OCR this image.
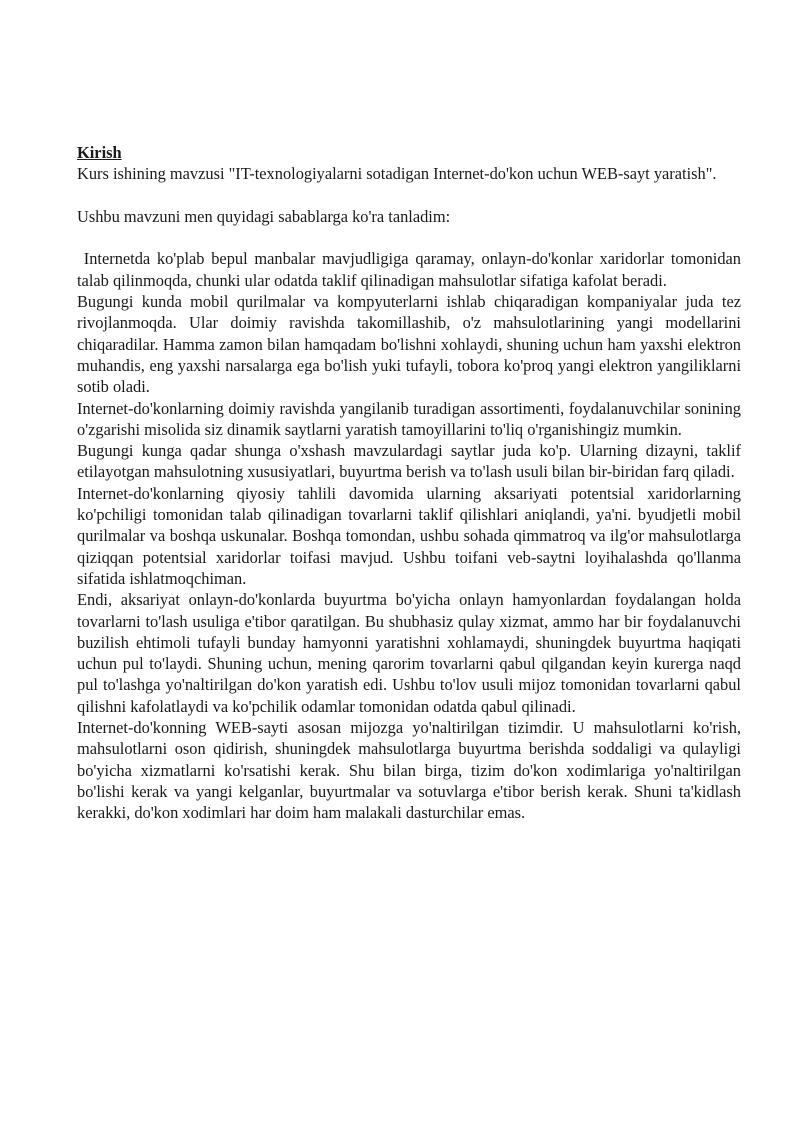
Kirish

Kurs ishining mavzusi "IT-texnologiyalarni sotadigan Internet-do'kon uchun WEB-sayt yaratish".

Ushbu mavzuni men quyidagi sabablarga ko'ra tanladim:

Internetda ko'plab bepul manbalar mavjudligiga qaramay, onlayn-do'konlar xaridorlar tomonidan talab qilinmoqda, chunki ular odatda taklif qilinadigan mahsulotlar sifatiga kafolat beradi.

Bugungi kunda mobil qurilmalar va kompyuterlarni ishlab chiqaradigan kompaniyalar juda tez rivojlanmoqda. Ular doimiy ravishda takomillashib, o'z mahsulotlarining yangi modellarini chiqaradilar. Hamma zamon bilan hamqadam bo'lishni xohlaydi, shuning uchun ham yaxshi elektron muhandis, eng yaxshi narsalarga ega bo'lish yuki tufayli, tobora ko'proq yangi elektron yangiliklarni sotib oladi.

Internet-do'konlarning doimiy ravishda yangilanib turadigan assortimenti, foydalanuvchilar sonining o'zgarishi misolida siz dinamik saytlarni yaratish tamoyillarini to'liq o'rganishingiz mumkin.

Bugungi kunga qadar shunga o'xshash mavzulardagi saytlar juda ko'p. Ularning dizayni, taklif etilayotgan mahsulotning xususiyatlari, buyurtma berish va to'lash usuli bilan bir-biridan farq qiladi.

Internet-do'konlarning qiyosiy tahlili davomida ularning aksariyati potentsial xaridorlarning ko'pchiligi tomonidan talab qilinadigan tovarlarni taklif qilishlari aniqlandi, ya'ni. byudjetli mobil qurilmalar va boshqa uskunalar. Boshqa tomondan, ushbu sohada qimmatroq va ilg'or mahsulotlarga qiziqqan potentsial xaridorlar toifasi mavjud. Ushbu toifani veb-saytni loyihalashda qo'llanma sifatida ishlatmoqchiman.

Endi, aksariyat onlayn-do'konlarda buyurtma bo'yicha onlayn hamyonlardan foydalangan holda tovarlarni to'lash usuliga e'tibor qaratilgan. Bu shubhasiz qulay xizmat, ammo har bir foydalanuvchi buzilish ehtimoli tufayli bunday hamyonni yaratishni xohlamaydi, shuningdek buyurtma haqiqati uchun pul to'laydi. Shuning uchun, mening qarorim tovarlarni qabul qilgandan keyin kurerga naqd pul to'lashga yo'naltirilgan do'kon yaratish edi. Ushbu to'lov usuli mijoz tomonidan tovarlarni qabul qilishni kafolatlaydi va ko'pchilik odamlar tomonidan odatda qabul qilinadi.

Internet-do'konning WEB-sayti asosan mijozga yo'naltirilgan tizimdir. U mahsulotlarni ko'rish, mahsulotlarni oson qidirish, shuningdek mahsulotlarga buyurtma berishda soddaligi va qulayligi bo'yicha xizmatlarni ko'rsatishi kerak. Shu bilan birga, tizim do'kon xodimlariga yo'naltirilgan bo'lishi kerak va yangi kelganlar, buyurtmalar va sotuvlarga e'tibor berish kerak. Shuni ta'kidlash kerakki, do'kon xodimlari har doim ham malakali dasturchilar emas.
